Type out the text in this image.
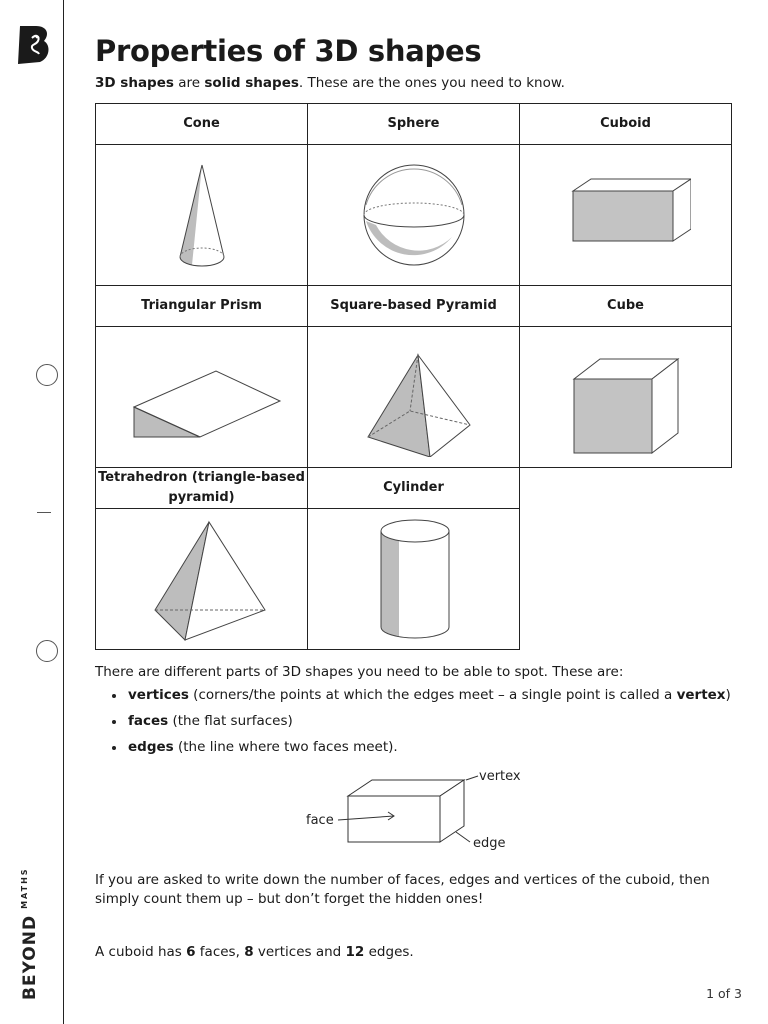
$BEYOND^{MATHS}$
Properties of 3D shapes
3D shapes are solid shapes. These are the ones you need to know.
Cone	Sphere	Cuboid

Triangular Prism	Square-based Pyramid	Cube

Tetrahedron (triangle-based pyramid)	Cylinder	

There are different parts of 3D shapes you need to be able to spot. These are:
vertices (corners/the points at which the edges meet – a single point is called a vertex)
faces (the flat surfaces)
edges (the line where two faces meet).
face
vertex
edge
If you are asked to write down the number of faces, edges and vertices of the cuboid, then simply count them up – but don’t forget the hidden ones!
A cuboid has 6 faces, 8 vertices and 12 edges.
1 of 3
